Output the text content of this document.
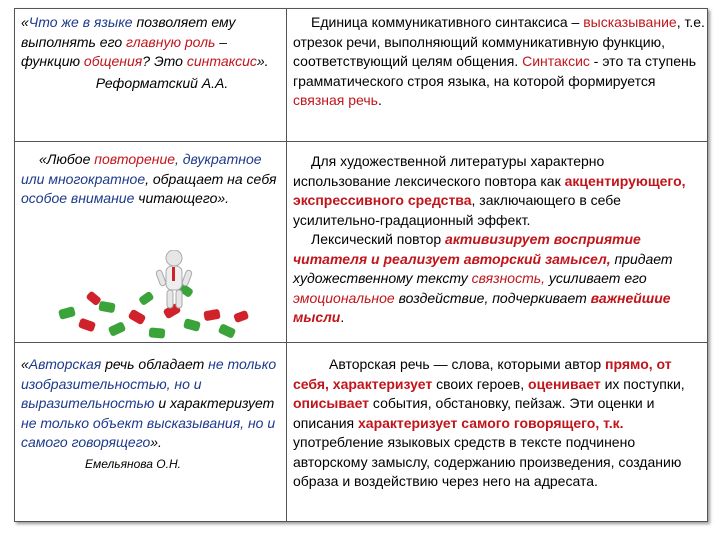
«Что же в языке позволяет ему выполнять его главную роль – функцию общения? Это синтаксис».
Реформатский А.А.
Единица коммуникативного синтаксиса – высказывание, т.е. отрезок речи, выполняющий коммуникативную функцию, соответствующий целям общения. Синтаксис - это та ступень грамматического строя языка, на которой формируется связная речь.
«Любое повторение, двукратное или многократное, обращает на себя особое внимание читающего».
Для художественной литературы характерно использование лексического повтора как акцентирующего, экспрессивного средства, заключающего в себе усилительно-градационный эффект.
Лексический повтор активизирует восприятие читателя и реализует авторский замысел, придает художественному тексту связность, усиливает его эмоциональное воздействие, подчеркивает важнейшие мысли.
«Авторская речь обладает не только изобразительностью, но и выразительностью и характеризует не только объект высказывания, но и самого говорящего».
Емельянова О.Н.
Авторская речь — слова, которыми автор прямо, от себя, характеризует своих героев, оценивает их поступки, описывает события, обстановку, пейзаж. Эти оценки и описания характеризует самого говорящего, т.к. употребление языковых средств в тексте подчинено авторскому замыслу, содержанию произведения, созданию образа и воздействию через него на адресата.
